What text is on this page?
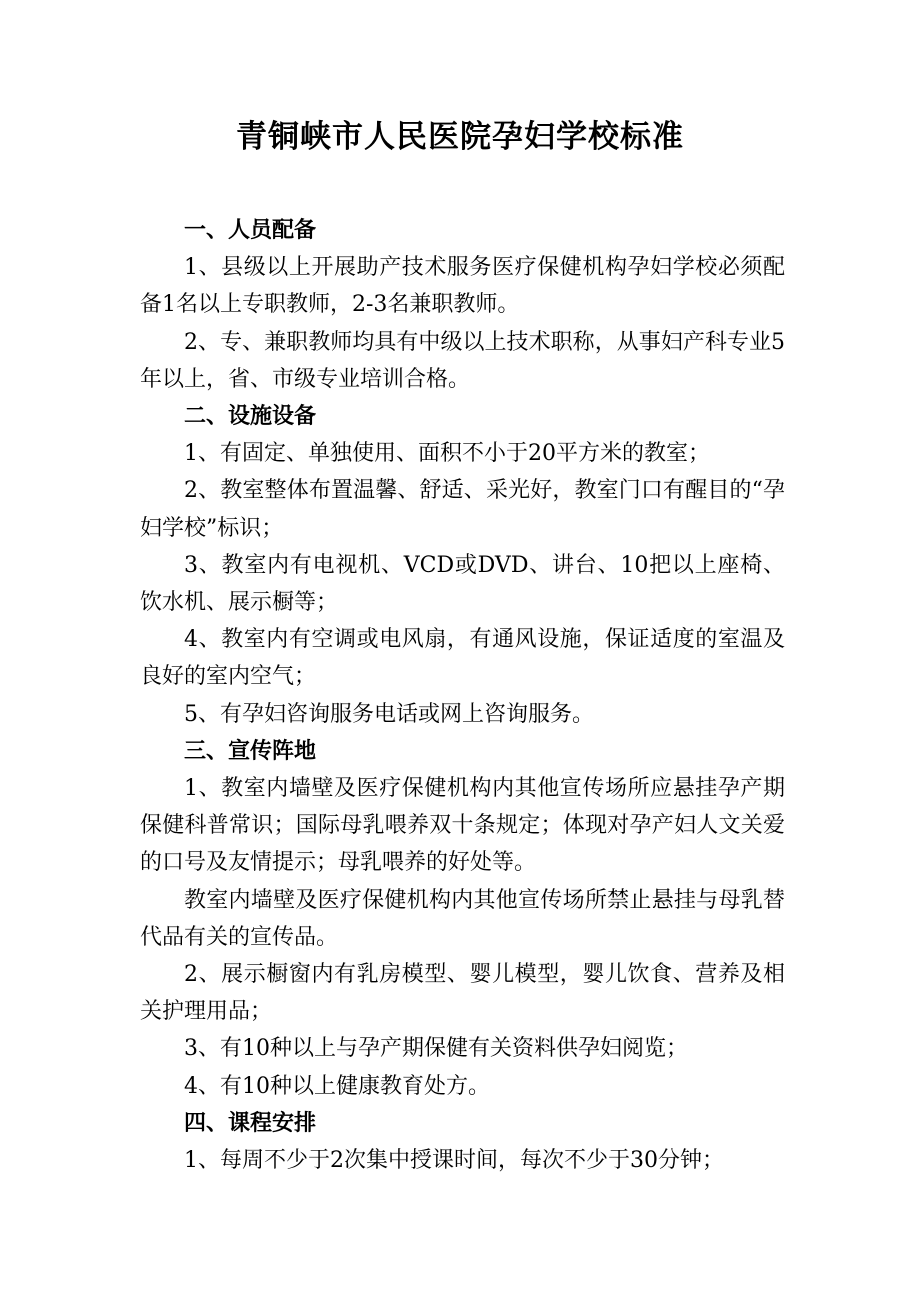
青铜峡市人民医院孕妇学校标准

一、人员配备

1、县级以上开展助产技术服务医疗保健机构孕妇学校必须配备1名以上专职教师，2-3名兼职教师。

2、专、兼职教师均具有中级以上技术职称，从事妇产科专业5年以上，省、市级专业培训合格。

二、设施设备

1、有固定、单独使用、面积不小于20平方米的教室；

2、教室整体布置温馨、舒适、采光好，教室门口有醒目的“孕妇学校”标识；

3、教室内有电视机、VCD或DVD、讲台、10把以上座椅、饮水机、展示橱等；

4、教室内有空调或电风扇，有通风设施，保证适度的室温及良好的室内空气；

5、有孕妇咨询服务电话或网上咨询服务。

三、宣传阵地

1、教室内墙壁及医疗保健机构内其他宣传场所应悬挂孕产期保健科普常识；国际母乳喂养双十条规定；体现对孕产妇人文关爱的口号及友情提示；母乳喂养的好处等。

教室内墙壁及医疗保健机构内其他宣传场所禁止悬挂与母乳替代品有关的宣传品。

2、展示橱窗内有乳房模型、婴儿模型，婴儿饮食、营养及相关护理用品；

3、有10种以上与孕产期保健有关资料供孕妇阅览；

4、有10种以上健康教育处方。

四、课程安排

1、每周不少于2次集中授课时间，每次不少于30分钟；
